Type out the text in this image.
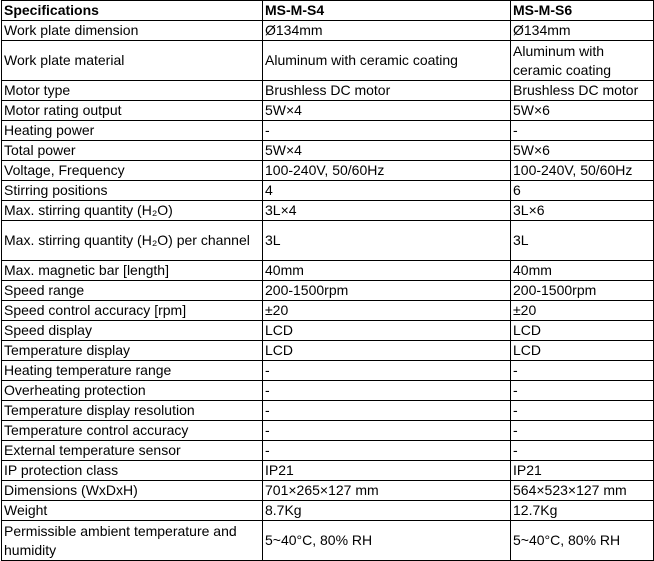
Specifications	MS-M-S4	MS-M-S6
Work plate dimension	Ø134mm	Ø134mm
Work plate material	Aluminum with ceramic coating	Aluminum with ceramic coating
Motor type	Brushless DC motor	Brushless DC motor
Motor rating output	5W×4	5W×6
Heating power	-	-
Total power	5W×4	5W×6
Voltage, Frequency	100-240V, 50/60Hz	100-240V, 50/60Hz
Stirring positions	4	6
Max. stirring quantity (H₂O)	3L×4	3L×6
Max. stirring quantity (H₂O) per channel	3L	3L
Max. magnetic bar [length]	40mm	40mm
Speed range	200-1500rpm	200-1500rpm
Speed control accuracy [rpm]	±20	±20
Speed display	LCD	LCD
Temperature display	LCD	LCD
Heating temperature range	-	-
Overheating protection	-	-
Temperature display resolution	-	-
Temperature control accuracy	-	-
External temperature sensor	-	-
IP protection class	IP21	IP21
Dimensions (WxDxH)	701×265×127 mm	564×523×127 mm
Weight	8.7Kg	12.7Kg
Permissible ambient temperature and humidity	5~40°C, 80% RH	5~40°C, 80% RH
